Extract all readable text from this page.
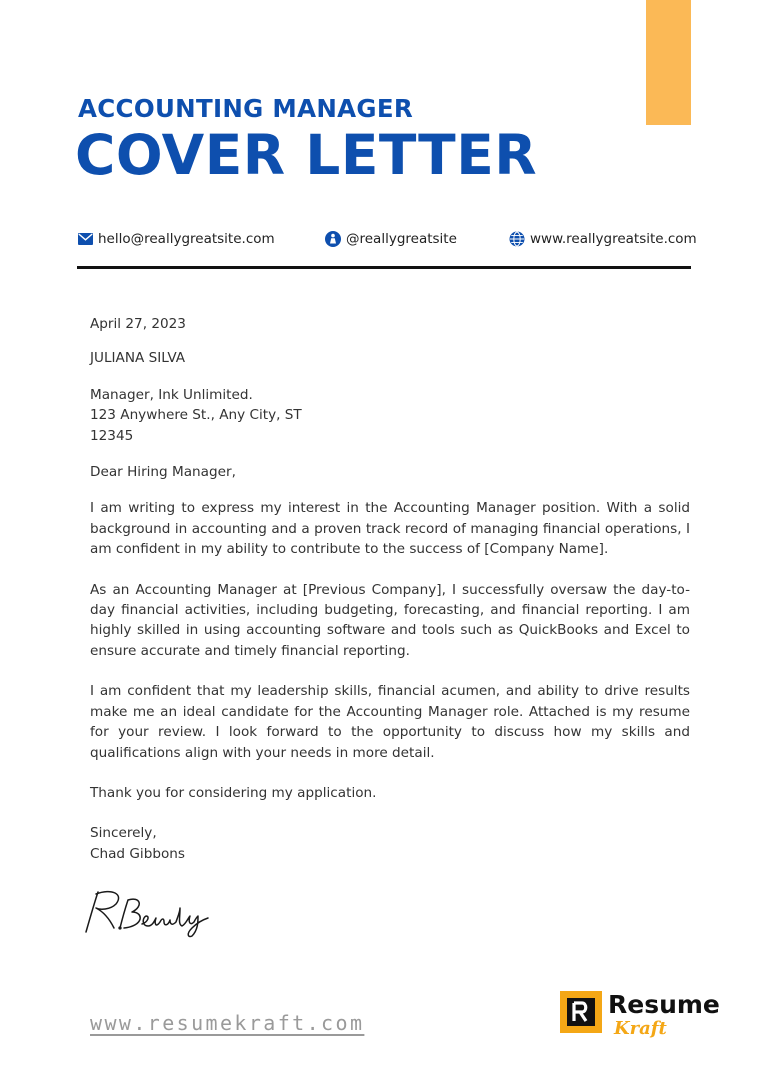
ACCOUNTING MANAGER
COVER LETTER
hello@reallygreatsite.com	@reallygreatsite	www.reallygreatsite.com

April 27, 2023

JULIANA SILVA

Manager, Ink Unlimited.

123 Anywhere St., Any City, ST

12345

Dear Hiring Manager,

I am writing to express my interest in the Accounting Manager position. With a solid background in accounting and a proven track record of managing financial operations, I am confident in my ability to contribute to the success of [Company Name].

As an Accounting Manager at [Previous Company], I successfully oversaw the day-to-day financial activities, including budgeting, forecasting, and financial reporting. I am highly skilled in using accounting software and tools such as QuickBooks and Excel to ensure accurate and timely financial reporting.

I am confident that my leadership skills, financial acumen, and ability to drive results make me an ideal candidate for the Accounting Manager role. Attached is my resume for your review. I look forward to the opportunity to discuss how my skills and qualifications align with your needs in more detail.

Thank you for considering my application.

Sincerely,

Chad Gibbons

www.resumekraft.com
Resume
Kraft
